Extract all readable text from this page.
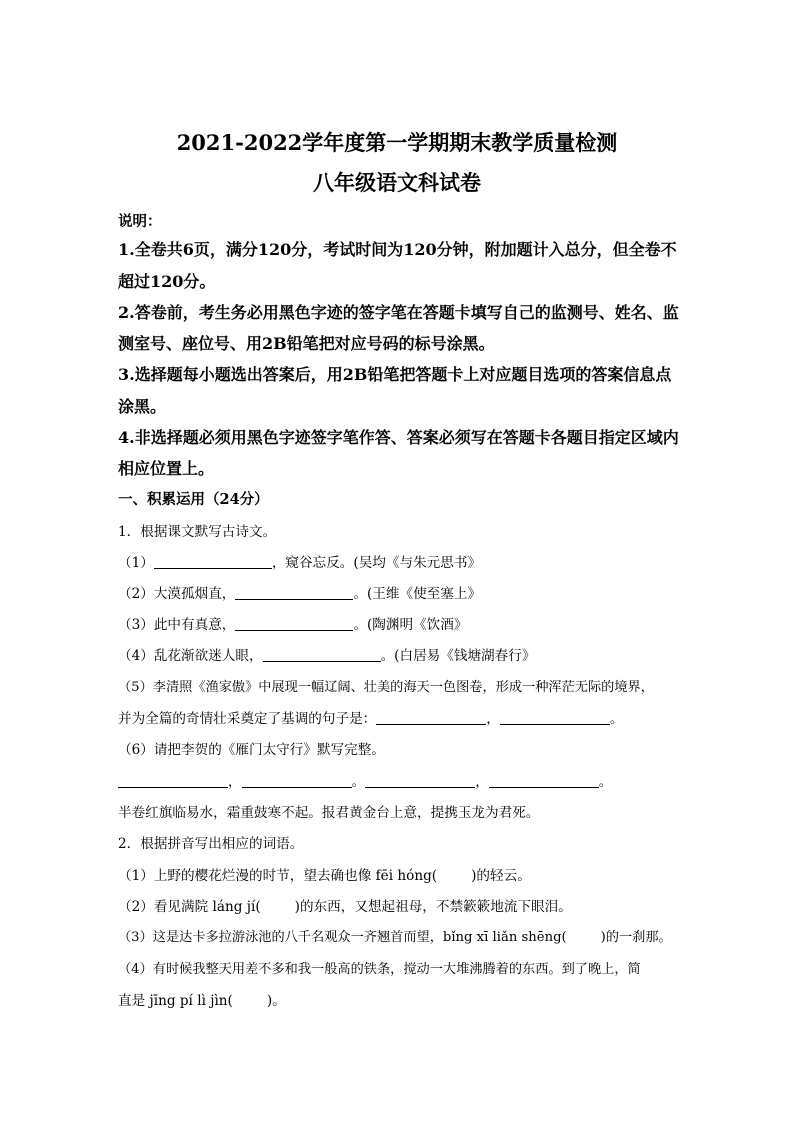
2021-2022学年度第一学期期末教学质量检测
八年级语文科试卷
说明：
1.全卷共6页，满分120分，考试时间为120分钟，附加题计入总分，但全卷不
超过120分。
2.答卷前，考生务必用黑色字迹的签字笔在答题卡填写自己的监测号、姓名、监
测室号、座位号、用2B铅笔把对应号码的标号涂黑。
3.选择题每小题选出答案后，用2B铅笔把答题卡上对应题目选项的答案信息点
涂黑。
4.非选择题必须用黑色字迹签字笔作答、答案必须写在答题卡各题目指定区域内
相应位置上。
一、积累运用（24分）
1．根据课文默写古诗文。
（1）	，窥谷忘反。(吴均《与朱元思书》
（2）大漠孤烟直，	。(王维《使至塞上》
（3）此中有真意，	。(陶渊明《饮酒》
（4）乱花渐欲迷人眼，	。(白居易《钱塘湖春行》
（5）李清照《渔家傲》中展现一幅辽阔、壮美的海天一色图卷，形成一种浑茫无际的境界，
并为全篇的奇情壮采奠定了基调的句子是：	，	。
（6）请把李贺的《雁门太守行》默写完整。
，	。	，	。
半卷红旗临易水，霜重鼓寒不起。报君黄金台上意，提携玉龙为君死。
2．根据拼音写出相应的词语。
（1）上野的樱花烂漫的时节，望去确也像 fēi hóng(	)的轻云。
（2）看见满院 láng jí(	)的东西，又想起祖母，不禁簌簌地流下眼泪。
（3）这是达卡多拉游泳池的八千名观众一齐翘首而望，bǐng xī liǎn shēng(	)的一刹那。
（4）有时候我整天用差不多和我一般高的铁条，搅动一大堆沸腾着的东西。到了晚上，简
直是 jīng pí lì jìn(	)。
